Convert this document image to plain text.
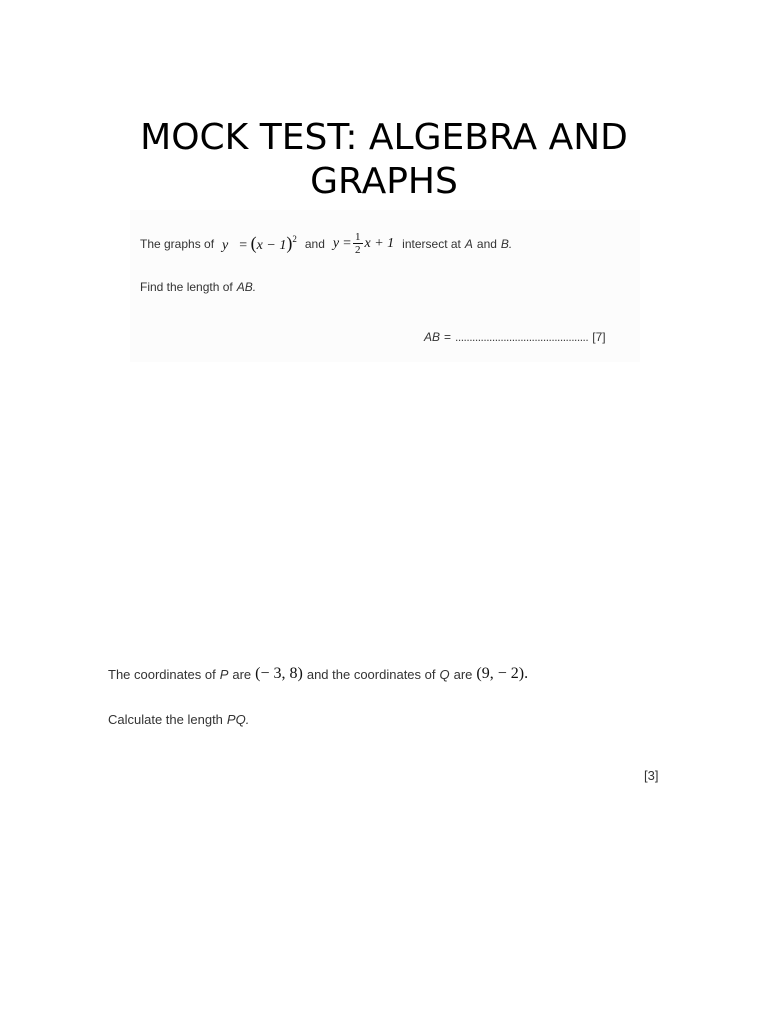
MOCK TEST: ALGEBRA AND GRAPHS
The graphs of $y = (x - 1)^2$ and $y = \frac{1}{2}$ x + 1 intersect at A and B.
Find the length of AB.
AB = ............................................... [7]
The coordinates of P are (− 3, 8) and the coordinates of Q are (9, − 2).
Calculate the length PQ.
[3]
